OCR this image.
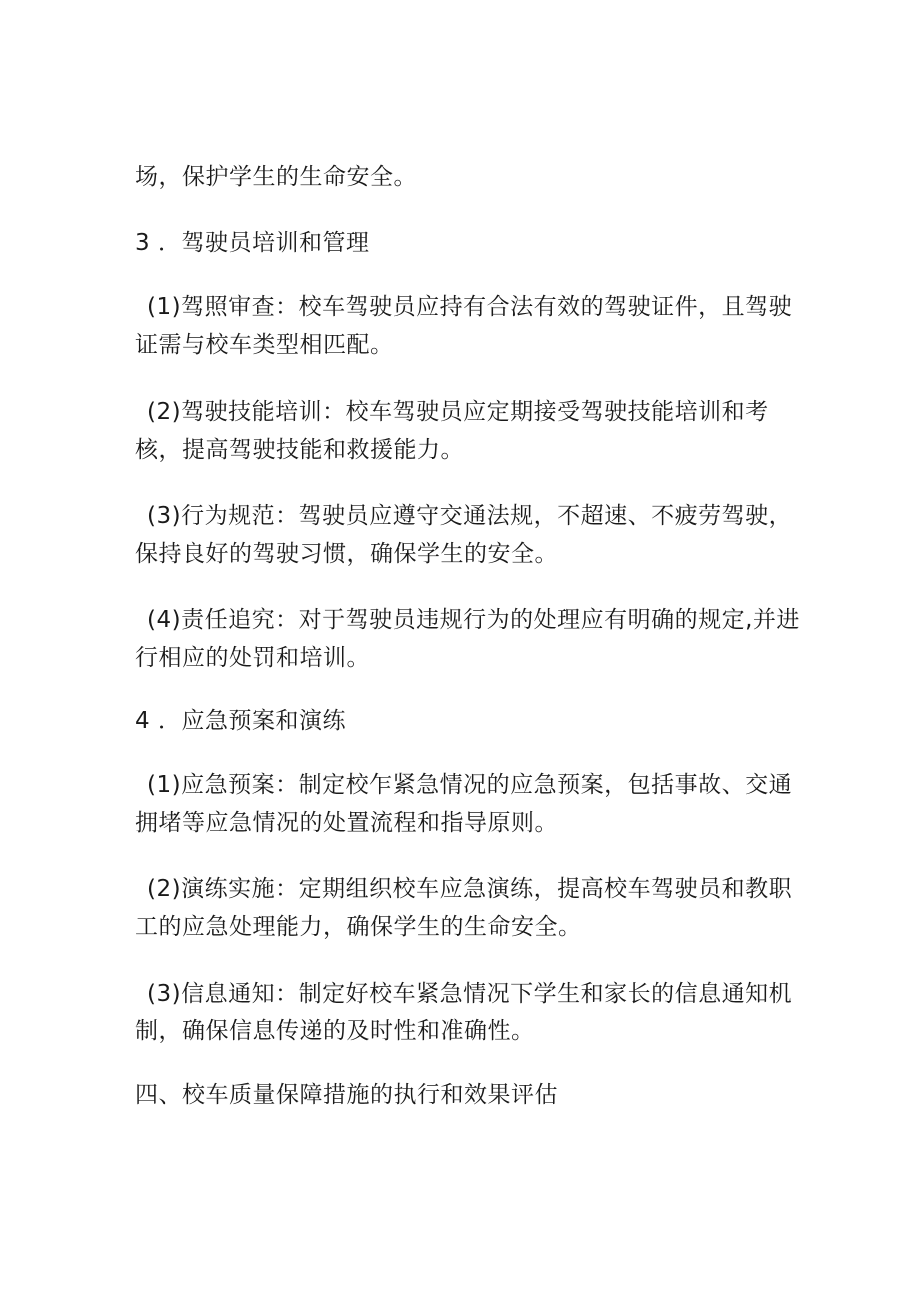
场，保护学生的生命安全。
3 ．驾驶员培训和管理
(1)驾照审查：校车驾驶员应持有合法有效的驾驶证件，且驾驶
证需与校车类型相匹配。
(2)驾驶技能培训：校车驾驶员应定期接受驾驶技能培训和考
核，提高驾驶技能和救援能力。
(3)行为规范：驾驶员应遵守交通法规，不超速、不疲劳驾驶，
保持良好的驾驶习惯，确保学生的安全。
(4)责任追究：对于驾驶员违规行为的处理应有明确的规定,并进
行相应的处罚和培训。
4 ．应急预案和演练
(1)应急预案：制定校乍紧急情况的应急预案，包括事故、交通
拥堵等应急情况的处置流程和指导原则。
(2)演练实施：定期组织校车应急演练，提高校车驾驶员和教职
工的应急处理能力，确保学生的生命安全。
(3)信息通知：制定好校车紧急情况下学生和家长的信息通知机
制，确保信息传递的及时性和准确性。
四、校车质量保障措施的执行和效果评估
